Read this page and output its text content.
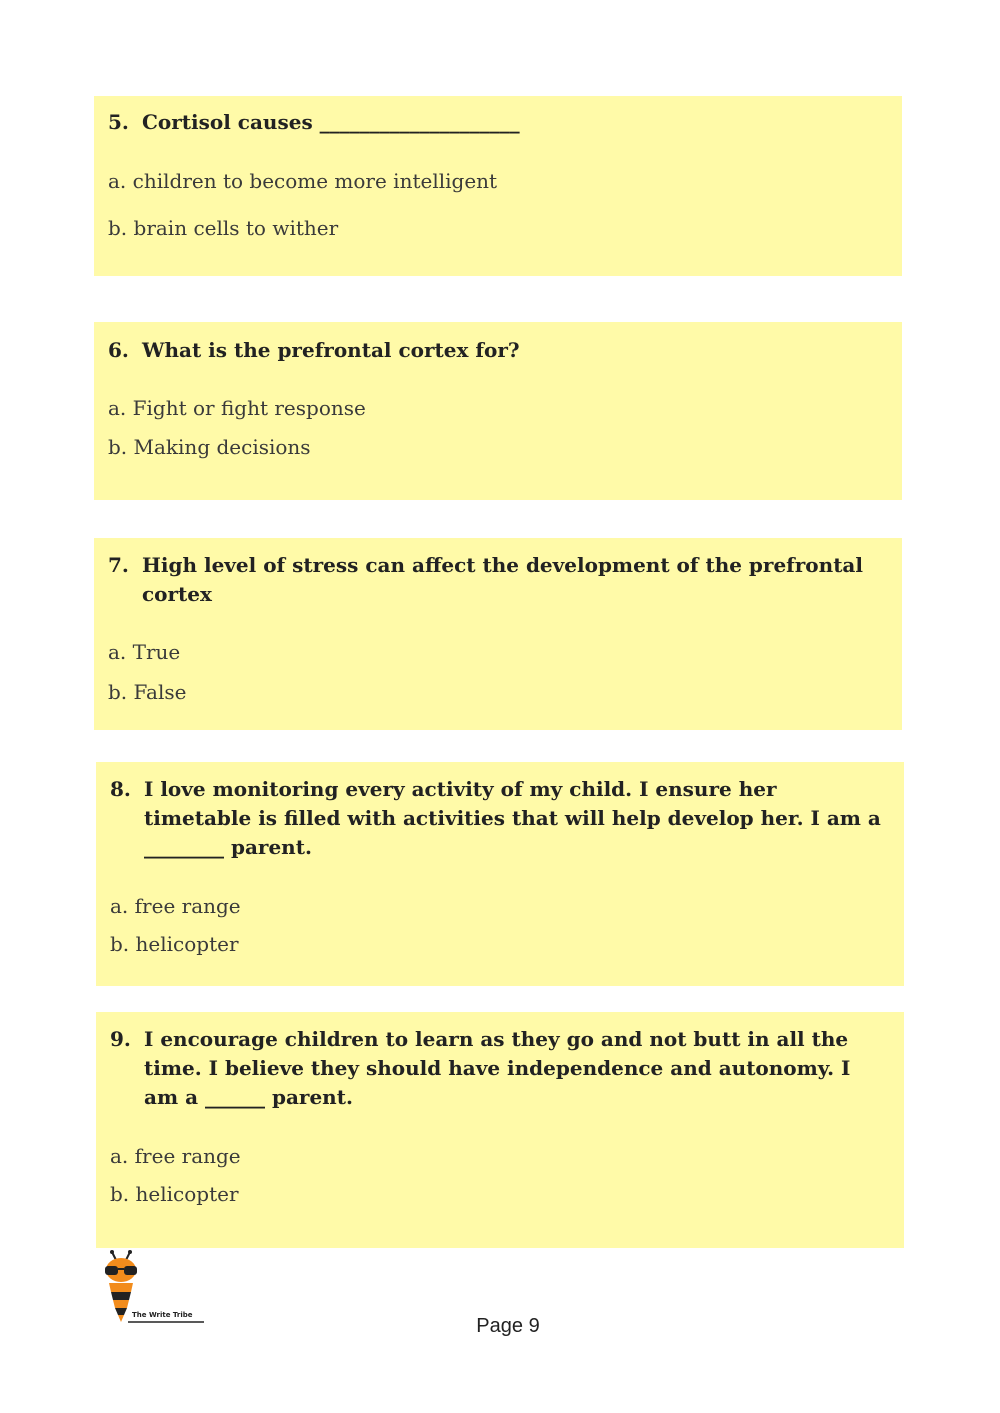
5. Cortisol causes ____________________
a. children to become more intelligent
b. brain cells to wither
6. What is the prefrontal cortex for?
a. Fight or fight response
b. Making decisions
7. High level of stress can affect the development of the prefrontal cortex
a. True
b. False
8. I love monitoring every activity of my child. I ensure her timetable is filled with activities that will help develop her. I am a ________ parent.
a. free range
b. helicopter
9. I encourage children to learn as they go and not butt in all the time. I believe they should have independence and autonomy. I am a ______ parent.
a. free range
b. helicopter
The Write Tribe	Page 9
